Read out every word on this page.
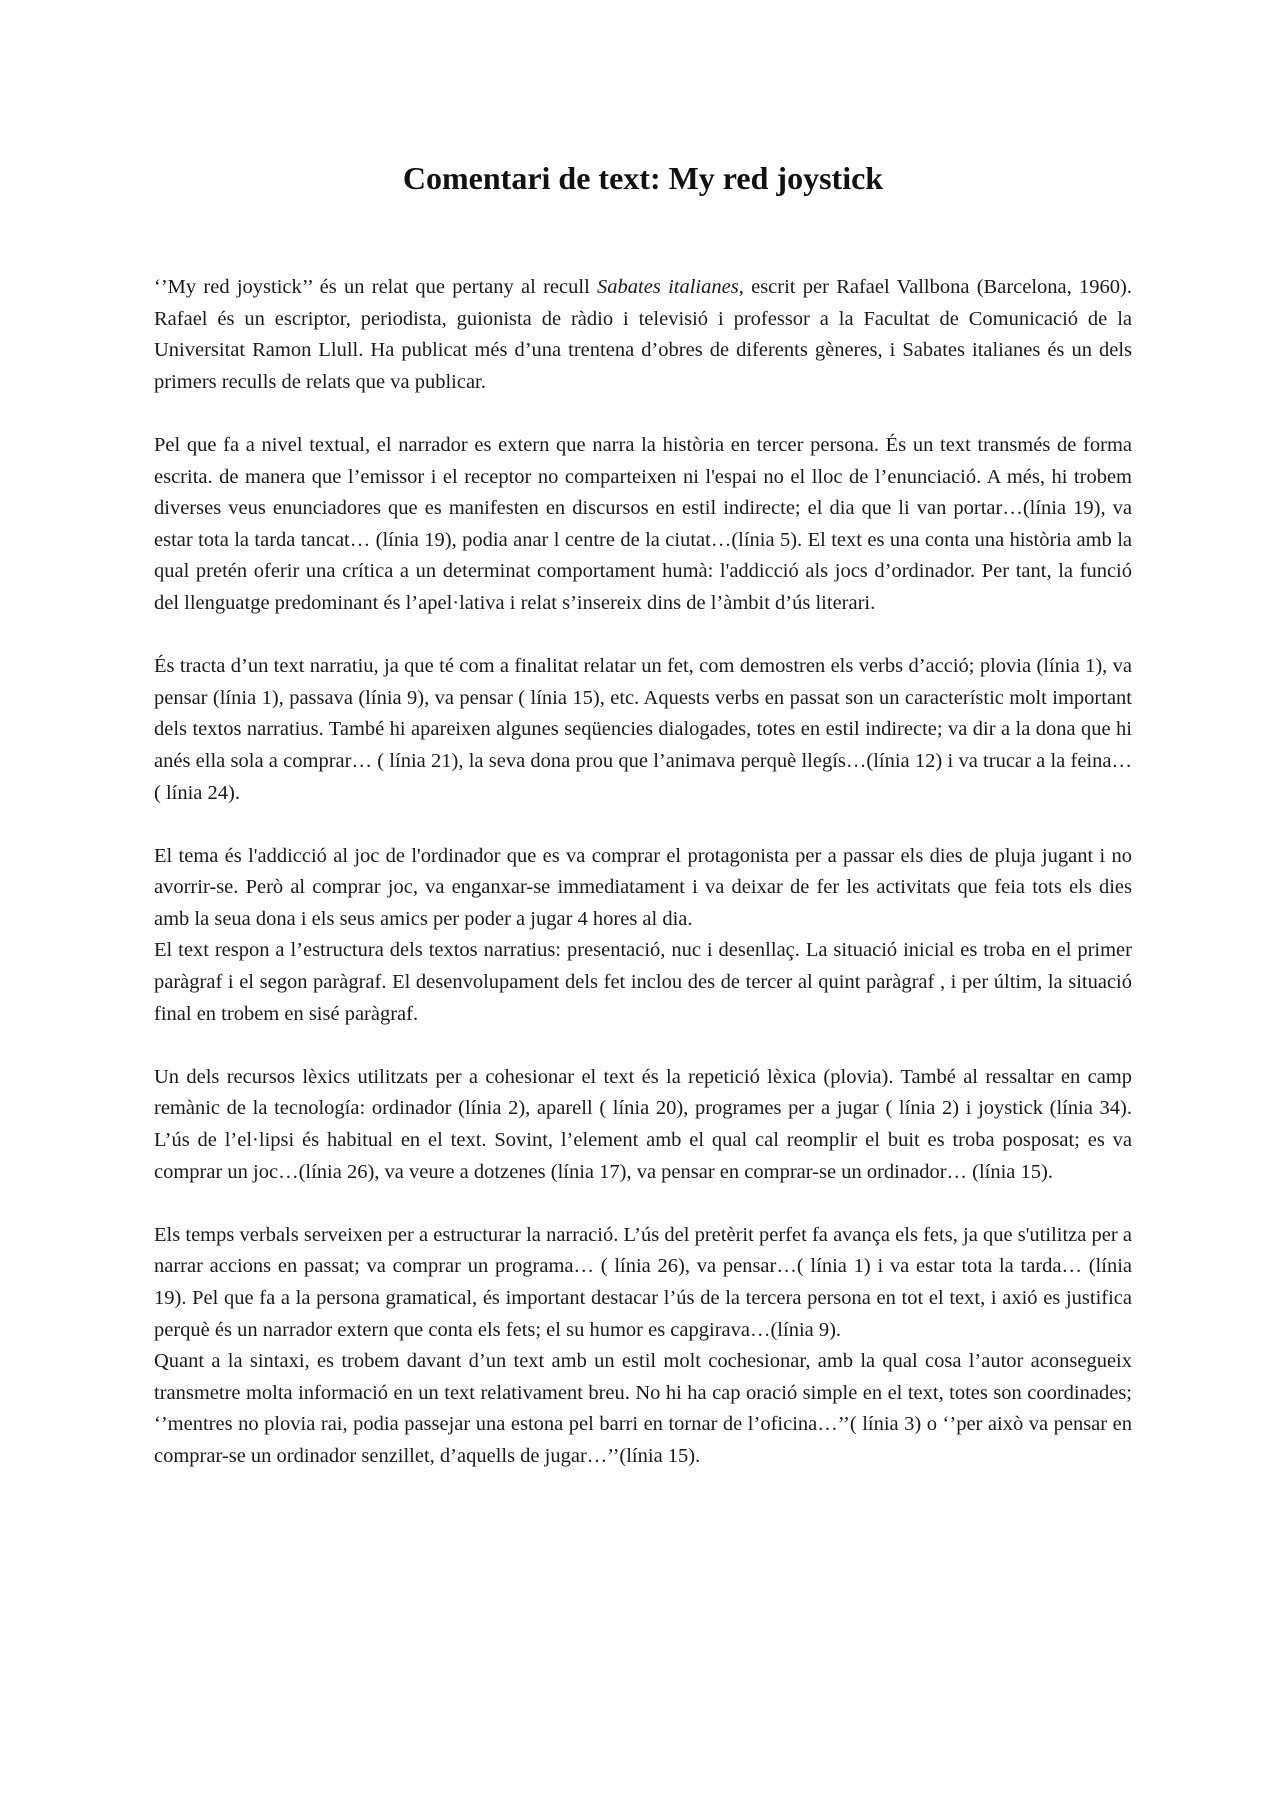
Comentari de text: My red joystick

‘’My red joystick’’ és un relat que pertany al recull Sabates italianes, escrit per Rafael Vallbona (Barcelona, 1960). Rafael és un escriptor, periodista, guionista de ràdio i televisió i professor a la Facultat de Comunicació de la Universitat Ramon Llull. Ha publicat més d’una trentena d’obres de diferents gèneres, i Sabates italianes és un dels primers reculls de relats que va publicar.

Pel que fa a nivel textual, el narrador es extern que narra la història en tercer persona. És un text transmés de forma escrita. de manera que l’emissor i el receptor no comparteixen ni l'espai no el lloc de l’enunciació. A més, hi trobem diverses veus enunciadores que es manifesten en discursos en estil indirecte; el dia que li van portar…(línia 19), va estar tota la tarda tancat… (línia 19), podia anar l centre de la ciutat…(línia 5). El text es una conta una història amb la qual pretén oferir una crítica a un determinat comportament humà: l'addicció als jocs d’ordinador. Per tant, la funció del llenguatge predominant és l’apel·lativa i relat s’insereix dins de l’àmbit d’ús literari.

És tracta d’un text narratiu, ja que té com a finalitat relatar un fet, com demostren els verbs d’acció; plovia (línia 1), va pensar (línia 1), passava (línia 9), va pensar ( línia 15), etc. Aquests verbs en passat son un característic molt important dels textos narratius. També hi apareixen algunes seqüencies dialogades, totes en estil indirecte; va dir a la dona que hi anés ella sola a comprar… ( línia 21), la seva dona prou que l’animava perquè llegís…(línia 12) i va trucar a la feina… ( línia 24).

El tema és l'addicció al joc de l'ordinador que es va comprar el protagonista per a passar els dies de pluja jugant i no avorrir-se. Però al comprar joc, va enganxar-se immediatament i va deixar de fer les activitats que feia tots els dies amb la seua dona i els seus amics per poder a jugar 4 hores al dia.

El text respon a l’estructura dels textos narratius: presentació, nuc i desenllaç. La situació inicial es troba en el primer paràgraf i el segon paràgraf. El desenvolupament dels fet inclou des de tercer al quint paràgraf , i per últim, la situació final en trobem en sisé paràgraf.

Un dels recursos lèxics utilitzats per a cohesionar el text és la repetició lèxica (plovia). També al ressaltar en camp remànic de la tecnología: ordinador (línia 2), aparell ( línia 20), programes per a jugar ( línia 2) i joystick (línia 34). L’ús de l’el·lipsi és habitual en el text. Sovint, l’element amb el qual cal reomplir el buit es troba posposat; es va comprar un joc…(línia 26), va veure a dotzenes (línia 17), va pensar en comprar-se un ordinador… (línia 15).

Els temps verbals serveixen per a estructurar la narració. L’ús del pretèrit perfet fa avança els fets, ja que s'utilitza per a narrar accions en passat; va comprar un programa… ( línia 26), va pensar…( línia 1) i va estar tota la tarda… (línia 19). Pel que fa a la persona gramatical, és important destacar l’ús de la tercera persona en tot el text, i axió es justifica perquè és un narrador extern que conta els fets; el su humor es capgirava…(línia 9).

Quant a la sintaxi, es trobem davant d’un text amb un estil molt cochesionar, amb la qual cosa l’autor aconsegueix transmetre molta informació en un text relativament breu. No hi ha cap oració simple en el text, totes son coordinades; ‘’mentres no plovia rai, podia passejar una estona pel barri en tornar de l’oficina…’’( línia 3) o ‘’per això va pensar en comprar-se un ordinador senzillet, d’aquells de jugar…’’(línia 15).
